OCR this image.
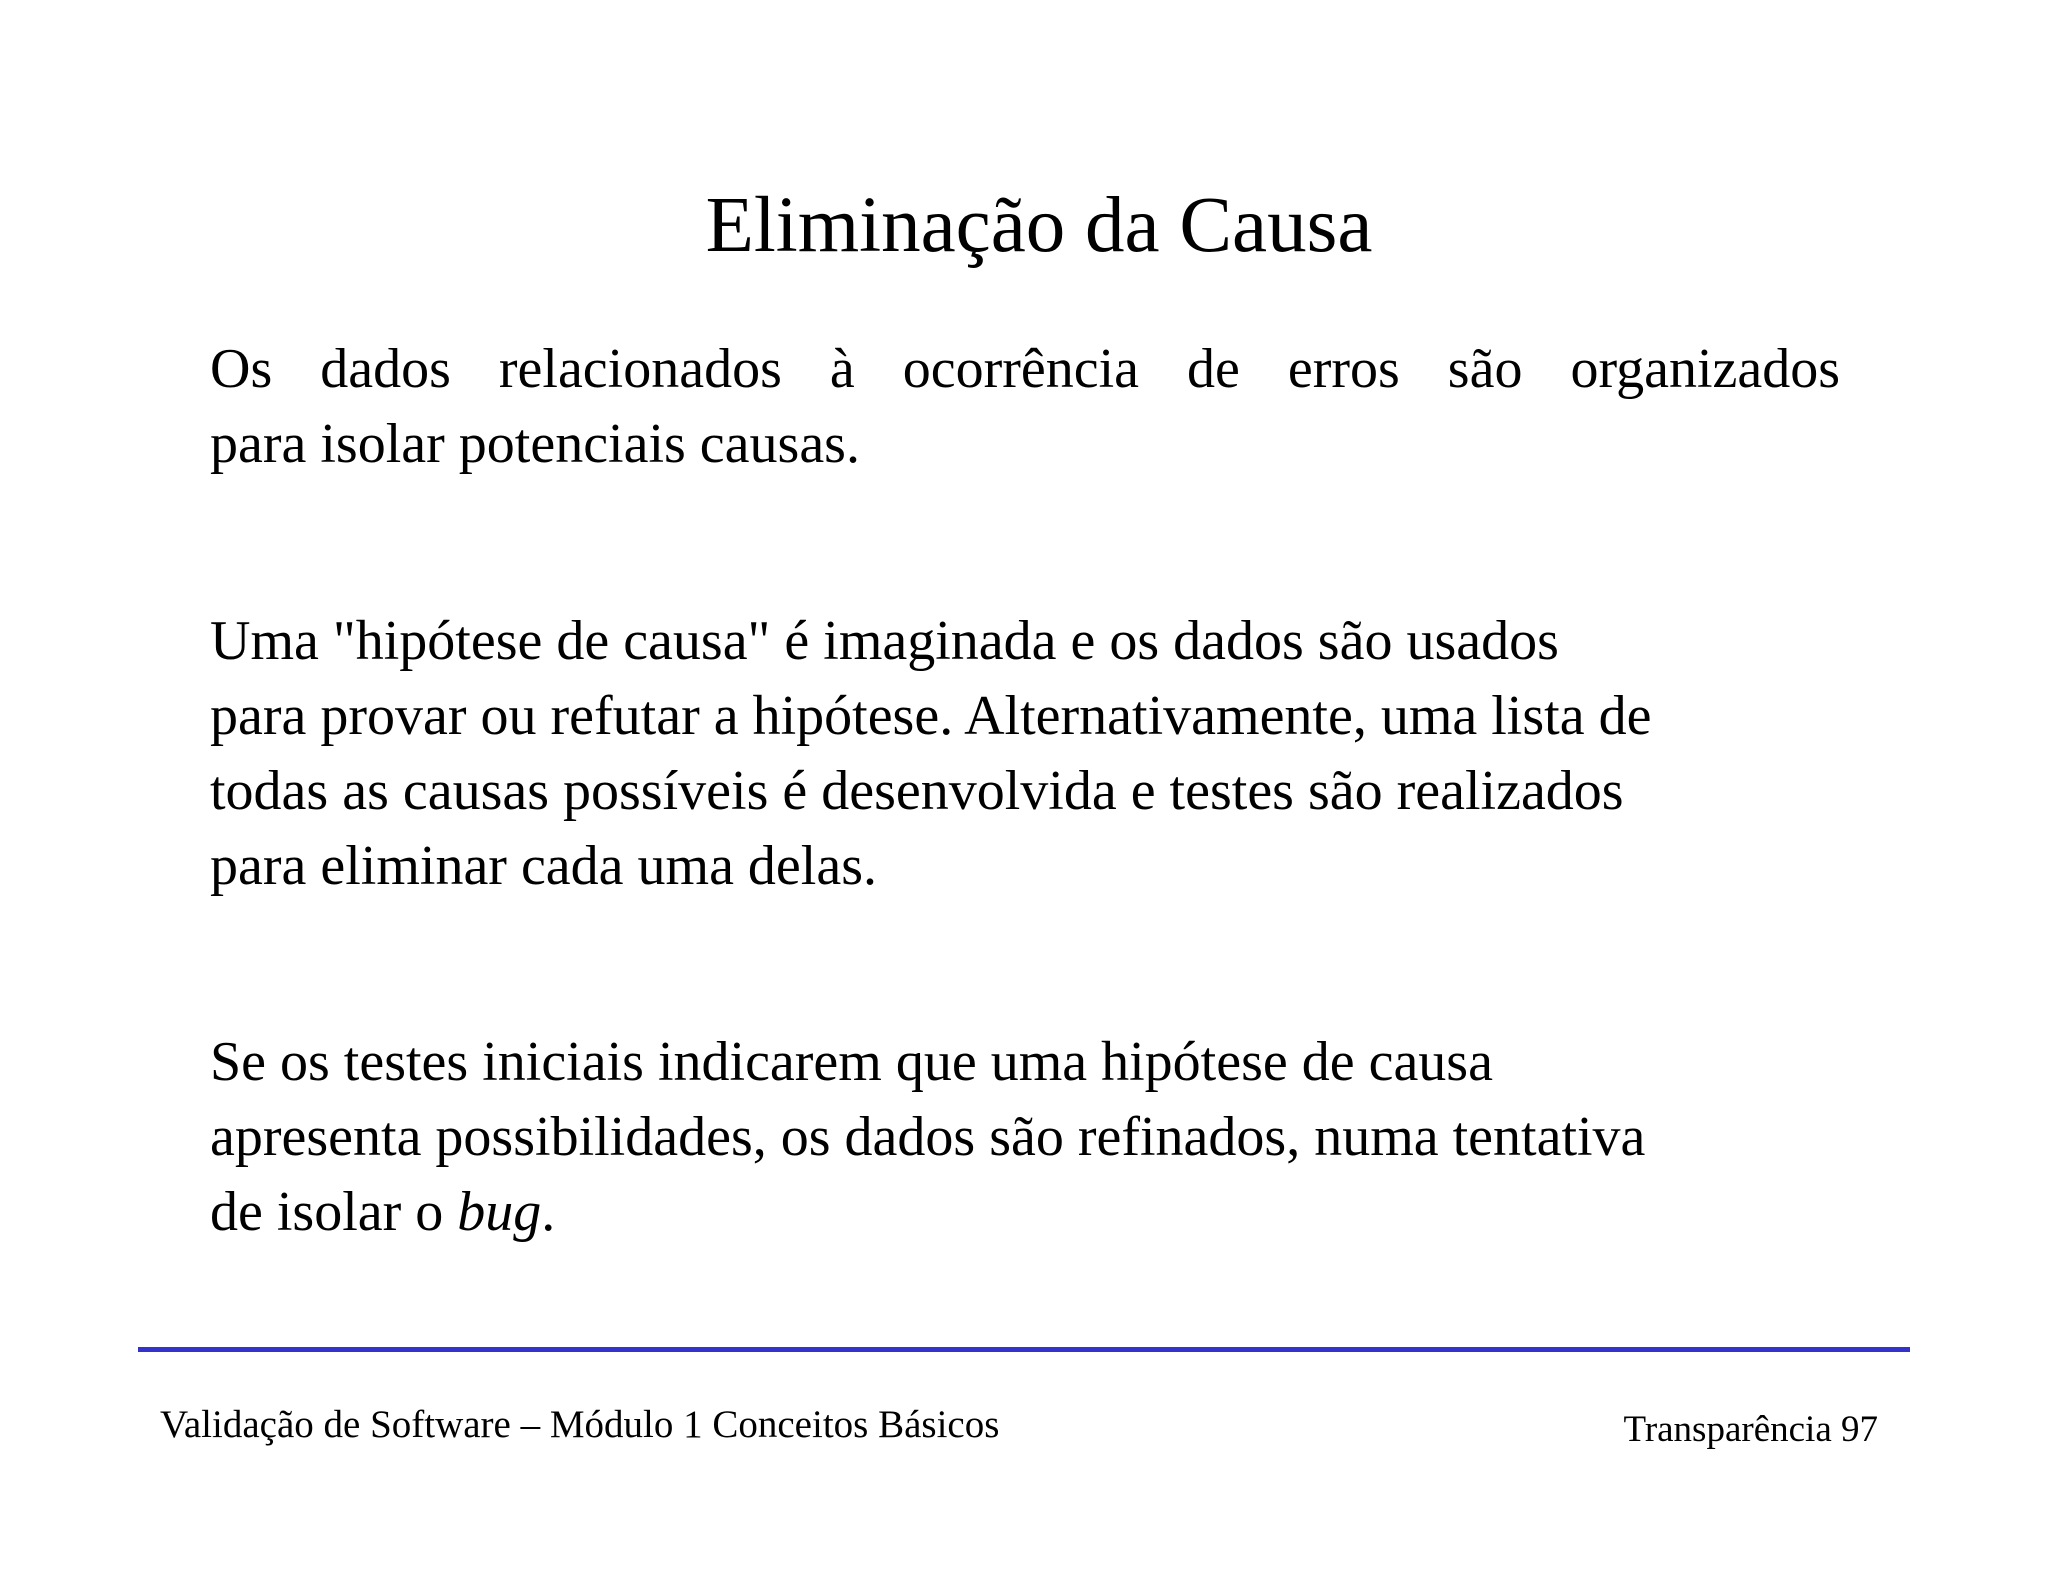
Eliminação da Causa

Os dados relacionados à ocorrência de erros são organizados
para isolar potenciais causas.

Uma "hipótese de causa" é imaginada e os dados são usados
para provar ou refutar a hipótese. Alternativamente, uma lista de
todas as causas possíveis é desenvolvida e testes são realizados
para eliminar cada uma delas.

Se os testes iniciais indicarem que uma hipótese de causa
apresenta possibilidades, os dados são refinados, numa tentativa
de isolar o bug.

Validação de Software – Módulo 1 Conceitos Básicos	Transparência 97
